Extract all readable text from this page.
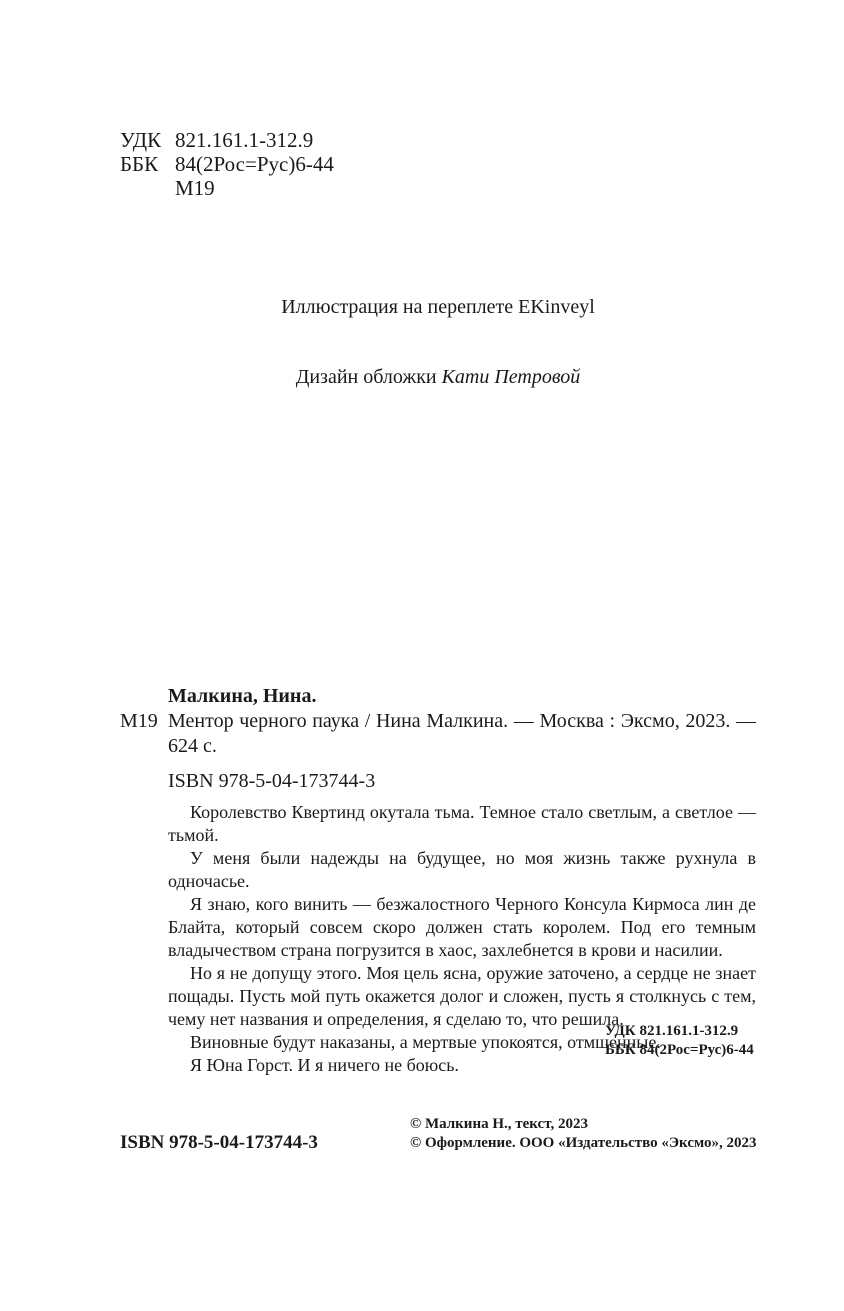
УДК 821.161.1-312.9
ББК 84(2Рос=Рус)6-44
М19
Иллюстрация на переплете EKinveyl
Дизайн обложки Кати Петровой
Малкина, Нина.
М19 Ментор черного паука / Нина Малкина. — Москва : Эксмо, 2023. — 624 с.
ISBN 978-5-04-173744-3

Королевство Квертинд окутала тьма. Темное стало светлым, а светлое — тьмой.

У меня были надежды на будущее, но моя жизнь также рухнула в одночасье.

Я знаю, кого винить — безжалостного Черного Консула Кирмоса лин де Блайта, который совсем скоро должен стать королем. Под его темным владычеством страна погрузится в хаос, захлебнется в крови и насилии.

Но я не допущу этого. Моя цель ясна, оружие заточено, а сердце не знает пощады. Пусть мой путь окажется долог и сложен, пусть я столкнусь с тем, чему нет названия и определения, я сделаю то, что решила.

Виновные будут наказаны, а мертвые упокоятся, отмщенные.

Я Юна Горст. И я ничего не боюсь.

УДК 821.161.1-312.9
ББК 84(2Рос=Рус)6-44
ISBN 978-5-04-173744-3
© Малкина Н., текст, 2023
© Оформление. ООО «Издательство «Эксмо», 2023
